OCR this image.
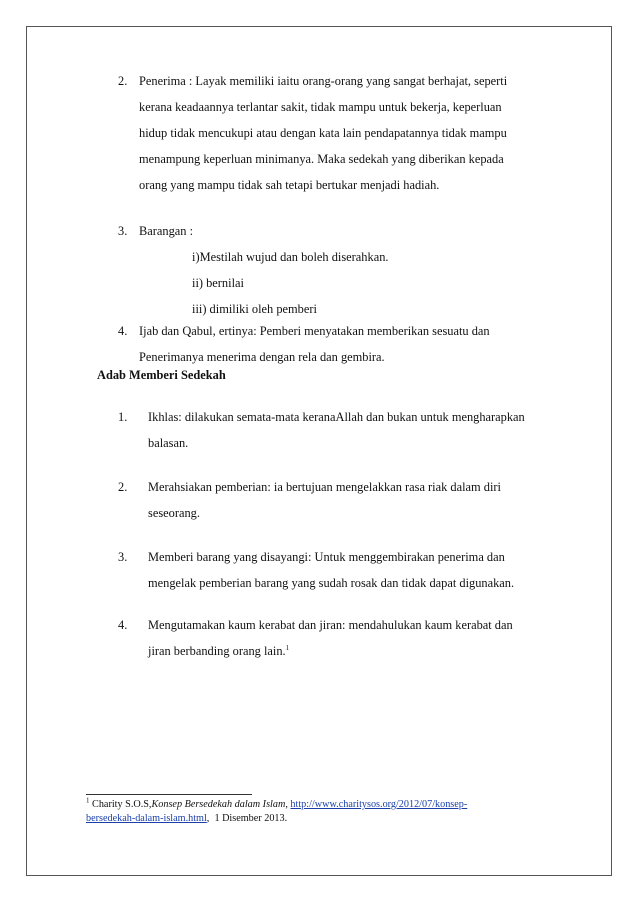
2. Penerima : Layak memiliki iaitu orang-orang yang sangat berhajat, seperti
kerana keadaannya terlantar sakit, tidak mampu untuk bekerja, keperluan
hidup tidak mencukupi atau dengan kata lain pendapatannya tidak mampu
menampung keperluan minimanya. Maka sedekah yang diberikan kepada
orang yang mampu tidak sah tetapi bertukar menjadi hadiah.
3. Barangan :
i)Mestilah wujud dan boleh diserahkan.
ii) bernilai
iii) dimiliki oleh pemberi
4. Ijab dan Qabul, ertinya: Pemberi menyatakan memberikan sesuatu dan
Penerimanya menerima dengan rela dan gembira.
Adab Memberi Sedekah
1. Ikhlas: dilakukan semata-mata keranaAllah dan bukan untuk mengharapkan
balasan.
2. Merahsiakan pemberian: ia bertujuan mengelakkan rasa riak dalam diri
seseorang.
3. Memberi barang yang disayangi: Untuk menggembirakan penerima dan
mengelak pemberian barang yang sudah rosak dan tidak dapat digunakan.
4. Mengutamakan kaum kerabat dan jiran: mendahulukan kaum kerabat dan
jiran berbanding orang lain.$^1$
$^1$ Charity S.O.S,Konsep Bersedekah dalam Islam, http://www.charitysos.org/2012/07/konsep-
bersedekah-dalam-islam.html,  1 Disember 2013.
